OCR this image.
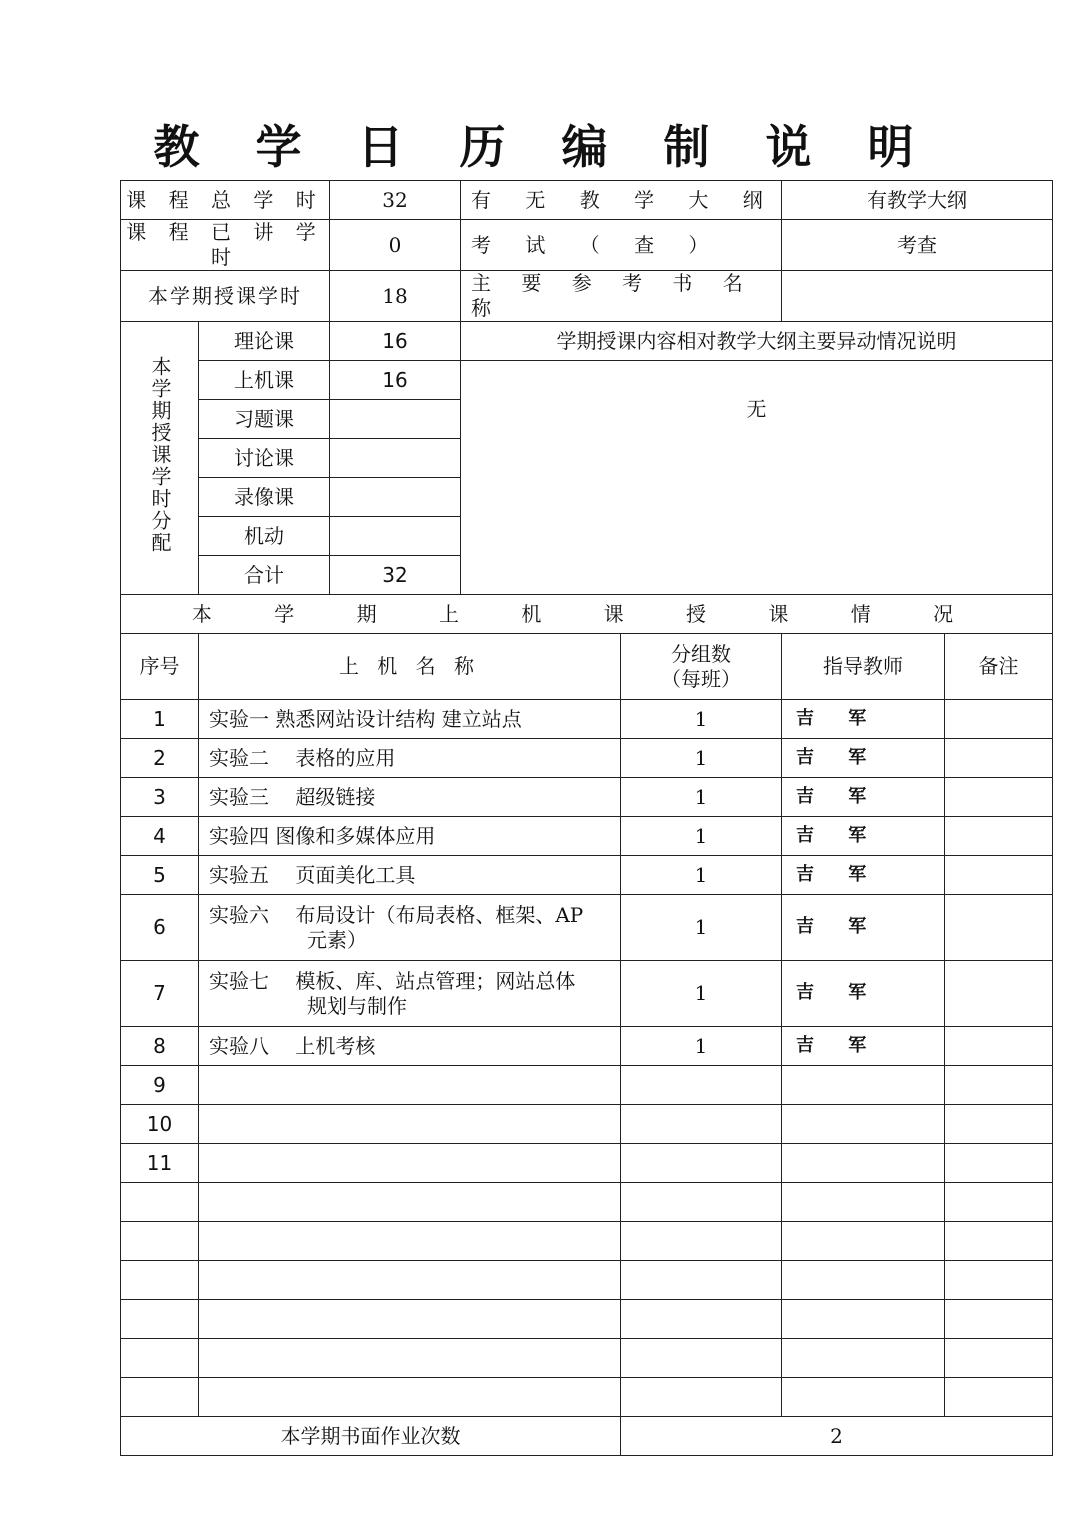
教 学 日 历 编 制 说 明
课 程 总 学 时		32	有 无 教 学 大 纲		有教学大纲	
课 程 已 讲 学 时		0	考 试 （ 查 ）		考查	
本学期授课学时		18	主 要 参 考 书 名 称			
本学期授课学时分配	理论课	16	学期授课内容相对教学大纲主要异动情况说明			
	上机课	16	无			
	习题课					
	讨论课					
	录像课					
	机动					
	合计	32				
本 学 期 上 机 课 授 课 情 况						
序号	上 机 名 称			分组数
（每班）	指导教师	备注
1	实验一 熟悉网站设计结构 建立站点			1	吉 军	
2	实验二　 表格的应用			1	吉 军	
3	实验三　 超级链接			1	吉 军	
4	实验四 图像和多媒体应用			1	吉 军	
5	实验五　 页面美化工具			1	吉 军	
6	实验六　 布局设计（布局表格、框架、AP
元素）			1	吉 军	
7	实验七　 模板、库、站点管理；网站总体
规划与制作			1	吉 军	
8	实验八　 上机考核			1	吉 军	
9						
10						
11						

本学期书面作业次数				2		
